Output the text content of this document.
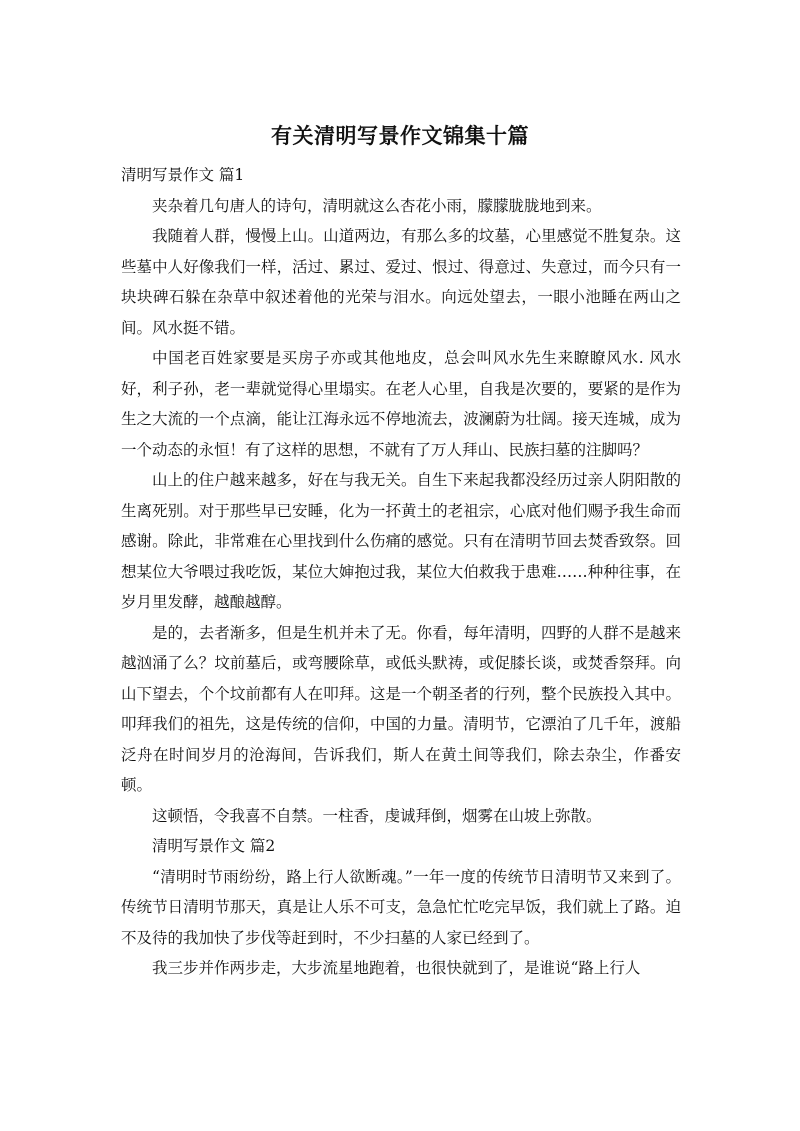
有关清明写景作文锦集十篇

清明写景作文 篇1

夹杂着几句唐人的诗句，清明就这么杏花小雨，朦朦胧胧地到来。

我随着人群，慢慢上山。山道两边，有那么多的坟墓，心里感觉不胜复杂。这些墓中人好像我们一样，活过、累过、爱过、恨过、得意过、失意过，而今只有一块块碑石躲在杂草中叙述着他的光荣与泪水。向远处望去，一眼小池睡在两山之间。风水挺不错。

中国老百姓家要是买房子亦或其他地皮，总会叫风水先生来瞭瞭风水. 风水好，利子孙，老一辈就觉得心里塌实。在老人心里，自我是次要的，要紧的是作为生之大流的一个点滴，能让江海永远不停地流去，波澜蔚为壮阔。接天连城，成为一个动态的永恒！有了这样的思想，不就有了万人拜山、民族扫墓的注脚吗？

山上的住户越来越多，好在与我无关。自生下来起我都没经历过亲人阴阳散的生离死别。对于那些早已安睡，化为一抔黄土的老祖宗，心底对他们赐予我生命而感谢。除此，非常难在心里找到什么伤痛的感觉。只有在清明节回去焚香致祭。回想某位大爷喂过我吃饭，某位大婶抱过我，某位大伯救我于患难……种种往事，在岁月里发酵，越酿越醇。

是的，去者渐多，但是生机并未了无。你看，每年清明，四野的人群不是越来越汹涌了么？坟前墓后，或弯腰除草，或低头默祷，或促膝长谈，或焚香祭拜。向山下望去，个个坟前都有人在叩拜。这是一个朝圣者的行列，整个民族投入其中。叩拜我们的祖先，这是传统的信仰，中国的力量。清明节，它漂泊了几千年，渡船泛舟在时间岁月的沧海间，告诉我们，斯人在黄土间等我们，除去杂尘，作番安顿。

这顿悟，令我喜不自禁。一柱香，虔诚拜倒，烟雾在山坡上弥散。

清明写景作文 篇2

“清明时节雨纷纷，路上行人欲断魂。”一年一度的传统节日清明节又来到了。传统节日清明节那天，真是让人乐不可支，急急忙忙吃完早饭，我们就上了路。迫不及待的我加快了步伐等赶到时，不少扫墓的人家已经到了。

我三步并作两步走，大步流星地跑着，也很快就到了，是谁说“路上行人
